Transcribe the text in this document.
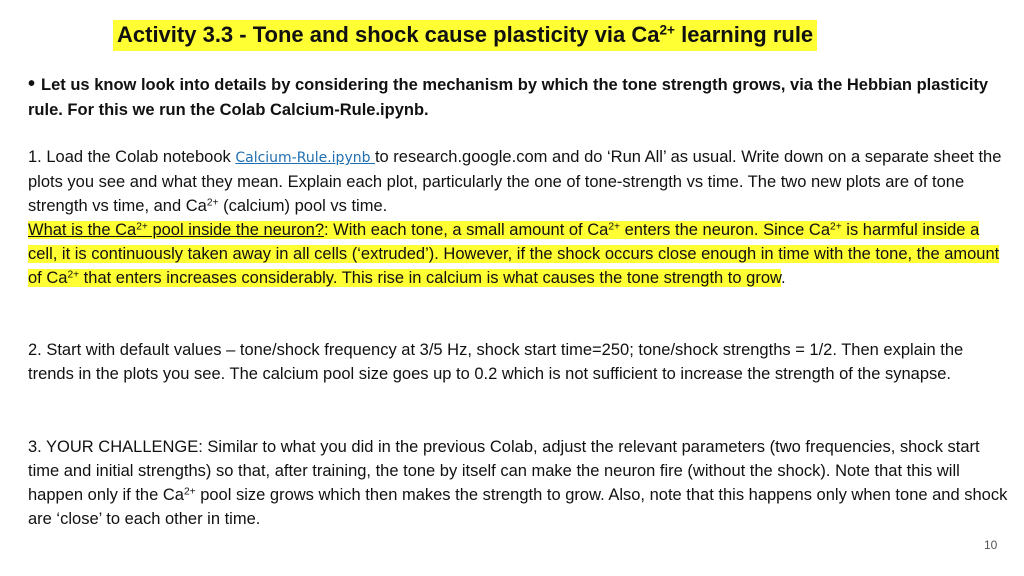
Activity 3.3 - Tone and shock cause plasticity via $Ca^{2+}$ learning rule
• Let us know look into details by considering the mechanism by which the tone strength grows, via the Hebbian plasticity rule. For this we run the Colab Calcium-Rule.ipynb.
1. Load the Colab notebook Calcium-Rule.ipynb to research.google.com and do ‘Run All’ as usual. Write down on a separate sheet the plots you see and what they mean. Explain each plot, particularly the one of tone-strength vs time. The two new plots are of tone strength vs time, and $Ca^{2+}$ (calcium) pool vs time.
What is the $Ca^{2+}$ pool inside the neuron?: With each tone, a small amount of $Ca^{2+}$ enters the neuron. Since $Ca^{2+}$ is harmful inside a cell, it is continuously taken away in all cells (‘extruded’). However, if the shock occurs close enough in time with the tone, the amount of $Ca^{2+}$ that enters increases considerably. This rise in calcium is what causes the tone strength to grow.
2. Start with default values – tone/shock frequency at 3/5 Hz, shock start time=250; tone/shock strengths = 1/2. Then explain the trends in the plots you see. The calcium pool size goes up to 0.2 which is not sufficient to increase the strength of the synapse.
3. YOUR CHALLENGE: Similar to what you did in the previous Colab, adjust the relevant parameters (two frequencies, shock start time and initial strengths) so that, after training, the tone by itself can make the neuron fire (without the shock). Note that this will happen only if the $Ca^{2+}$ pool size grows which then makes the strength to grow. Also, note that this happens only when tone and shock are ‘close’ to each other in time.
10
